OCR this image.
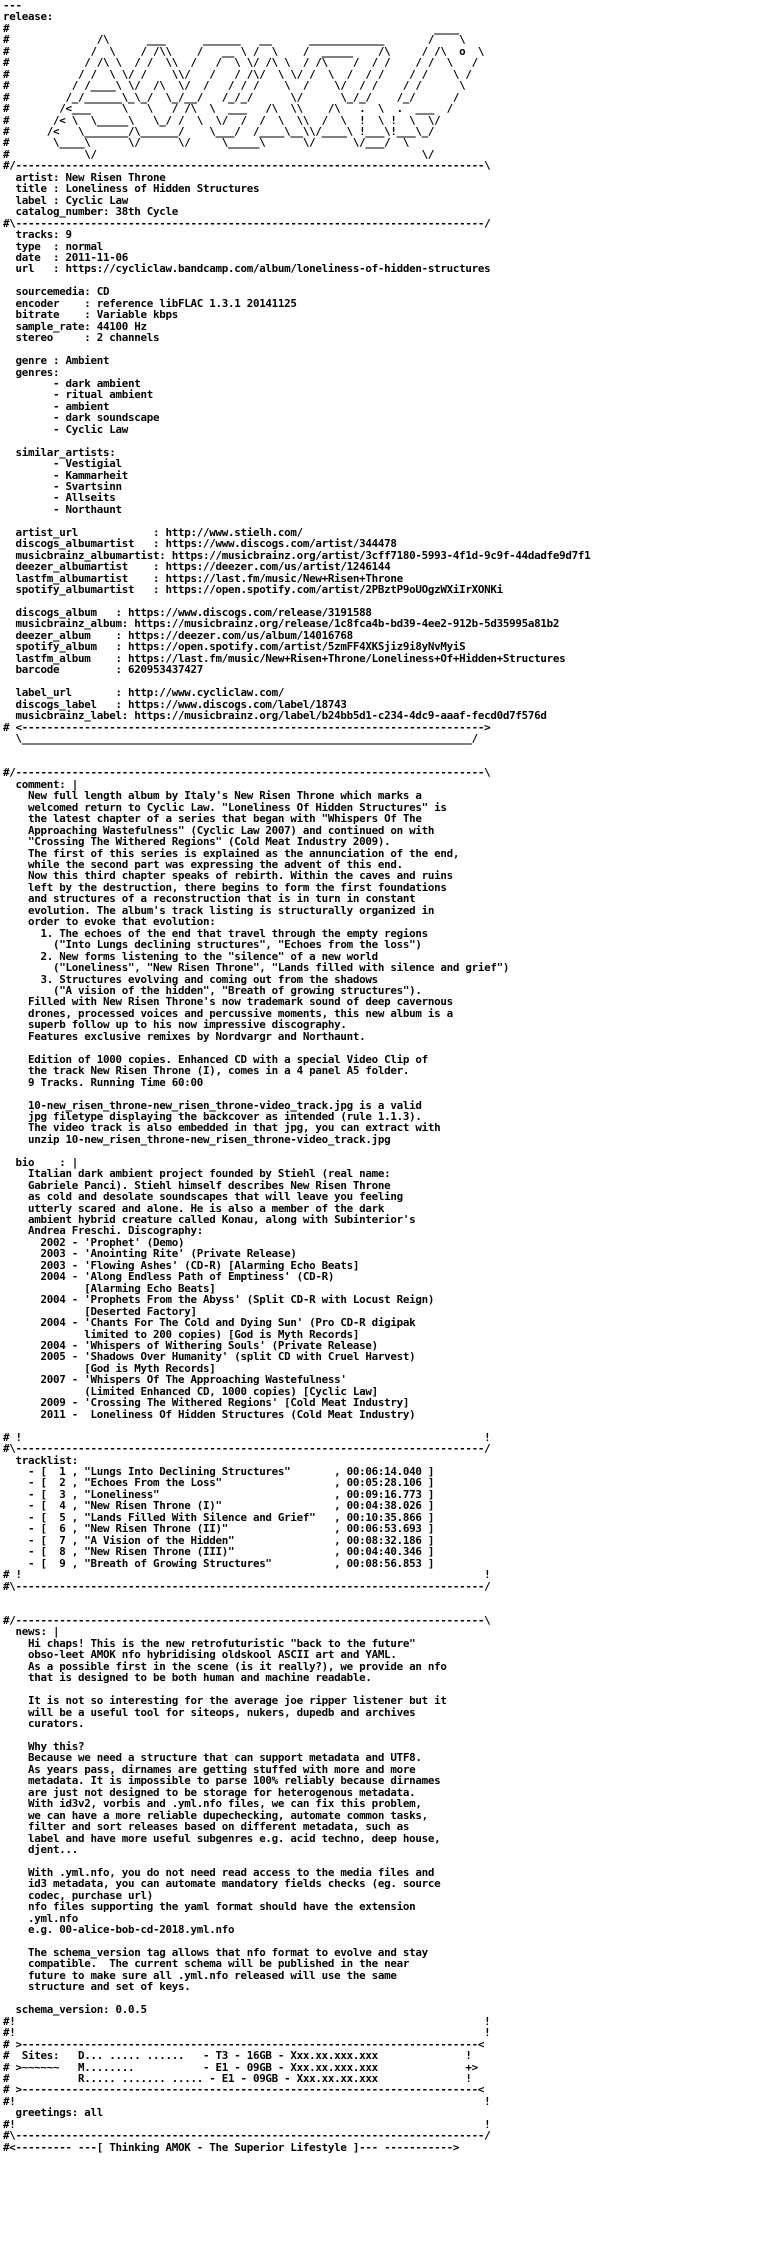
---
release:
#                                                                    ____
#              /\      ___      ______   __      ____________       /    \
#             /  \    / /\\    /   __ \ /  \    /  _____    /\     / /\  o  \
#            / /\ \  / /  \\  /   /  \ \/ /\ \  / /\    /  / /    / /  \   /
#           / /  \ \/ /    \\/   /   / /\/  \ \/ /  \  /  / /    / /    \ /
#          / /____\ \/  /\  \/  /   / / /    \  /    \/  / /    / /      \
#         /_/______\_\_/  \_/__/   /_/_/      \/      \_/_/    /_/      /
#        /<___     \   \   / /\  \  ___   /\  \\    /\   .  \  .  ___  /
#       /< \  \_____\   \_/ /  \  \/  /  /  \  \\  /  \  !  \ !  \  \/
#      /<   \_______/\______/    \___/  /____\__\\/____\ !___\!___\_/
#       \____\      \/      \/     \_____\      \/      \/___/  \
#            \/                                                    \/
#/---------------------------------------------------------------------------\
artist: New Risen Throne
title : Loneliness of Hidden Structures
label : Cyclic Law
catalog_number: 38th Cycle
#\---------------------------------------------------------------------------/
tracks: 9
type  : normal
date  : 2011-11-06
url   : https://cycliclaw.bandcamp.com/album/loneliness-of-hidden-structures

sourcemedia: CD
encoder    : reference libFLAC 1.3.1 20141125
bitrate    : Variable kbps
sample_rate: 44100 Hz
stereo     : 2 channels

genre : Ambient
genres:
- dark ambient
- ritual ambient
- ambient
- dark soundscape
- Cyclic Law

similar_artists:
- Vestigial
- Kammarheit
- Svartsinn
- Allseits
- Northaunt

artist_url            : http://www.stielh.com/
discogs_albumartist   : https://www.discogs.com/artist/344478
musicbrainz_albumartist: https://musicbrainz.org/artist/3cff7180-5993-4f1d-9c9f-44dadfe9d7f1
deezer_albumartist    : https://deezer.com/us/artist/1246144
lastfm_albumartist    : https://last.fm/music/New+Risen+Throne
spotify_albumartist   : https://open.spotify.com/artist/2PBztP9oUOgzWXiIrXONKi

discogs_album   : https://www.discogs.com/release/3191588
musicbrainz_album: https://musicbrainz.org/release/1c8fca4b-bd39-4ee2-912b-5d35995a81b2
deezer_album    : https://deezer.com/us/album/14016768
spotify_album   : https://open.spotify.com/artist/5zmFF4XKSjiz9i8yNvMyiS
lastfm_album    : https://last.fm/music/New+Risen+Throne/Loneliness+Of+Hidden+Structures
barcode         : 620953437427

label_url       : http://www.cycliclaw.com/
discogs_label   : https://www.discogs.com/label/18743
musicbrainz_label: https://musicbrainz.org/label/b24bb5d1-c234-4dc9-aaaf-fecd0d7f576d
# <-------------------------------------------------------------------------->
\________________________________________________________________________/

#/---------------------------------------------------------------------------\
comment: |
New full length album by Italy's New Risen Throne which marks a
welcomed return to Cyclic Law. "Loneliness Of Hidden Structures" is
the latest chapter of a series that began with "Whispers Of The
Approaching Wastefulness" (Cyclic Law 2007) and continued on with
"Crossing The Withered Regions" (Cold Meat Industry 2009).
The first of this series is explained as the annunciation of the end,
while the second part was expressing the advent of this end.
Now this third chapter speaks of rebirth. Within the caves and ruins
left by the destruction, there begins to form the first foundations
and structures of a reconstruction that is in turn in constant
evolution. The album's track listing is structurally organized in
order to evoke that evolution:
1. The echoes of the end that travel through the empty regions
("Into Lungs declining structures", "Echoes from the loss")
2. New forms listening to the "silence" of a new world
("Loneliness", "New Risen Throne", "Lands filled with silence and grief")
3. Structures evolving and coming out from the shadows
("A vision of the hidden", "Breath of growing structures").
Filled with New Risen Throne's now trademark sound of deep cavernous
drones, processed voices and percussive moments, this new album is a
superb follow up to his now impressive discography.
Features exclusive remixes by Nordvargr and Northaunt.

Edition of 1000 copies. Enhanced CD with a special Video Clip of
the track New Risen Throne (I), comes in a 4 panel A5 folder.
9 Tracks. Running Time 60:00

10-new_risen_throne-new_risen_throne-video_track.jpg is a valid
jpg filetype displaying the backcover as intended (rule 1.1.3).
The video track is also embedded in that jpg, you can extract with
unzip 10-new_risen_throne-new_risen_throne-video_track.jpg

bio    : |
Italian dark ambient project founded by Stiehl (real name:
Gabriele Panci). Stiehl himself describes New Risen Throne
as cold and desolate soundscapes that will leave you feeling
utterly scared and alone. He is also a member of the dark
ambient hybrid creature called Konau, along with Subinterior's
Andrea Freschi. Discography:
2002 - 'Prophet' (Demo)
2003 - 'Anointing Rite' (Private Release)
2003 - 'Flowing Ashes' (CD-R) [Alarming Echo Beats]
2004 - 'Along Endless Path of Emptiness' (CD-R)
[Alarming Echo Beats]
2004 - 'Prophets From the Abyss' (Split CD-R with Locust Reign)
[Deserted Factory]
2004 - 'Chants For The Cold and Dying Sun' (Pro CD-R digipak
limited to 200 copies) [God is Myth Records]
2004 - 'Whispers of Withering Souls' (Private Release)
2005 - 'Shadows Over Humanity' (split CD with Cruel Harvest)
[God is Myth Records]
2007 - 'Whispers Of The Approaching Wastefulness'
(Limited Enhanced CD, 1000 copies) [Cyclic Law]
2009 - 'Crossing The Withered Regions' [Cold Meat Industry]
2011 -  Loneliness Of Hidden Structures (Cold Meat Industry)

# !                                                                          !
#\---------------------------------------------------------------------------/
tracklist:
- [  1 , "Lungs Into Declining Structures"       , 00:06:14.040 ]
- [  2 , "Echoes From the Loss"                  , 00:05:28.106 ]
- [  3 , "Loneliness"                            , 00:09:16.773 ]
- [  4 , "New Risen Throne (I)"                  , 00:04:38.026 ]
- [  5 , "Lands Filled With Silence and Grief"   , 00:10:35.866 ]
- [  6 , "New Risen Throne (II)"                 , 00:06:53.693 ]
- [  7 , "A Vision of the Hidden"                , 00:08:32.186 ]
- [  8 , "New Risen Throne (III)"                , 00:04:40.346 ]
- [  9 , "Breath of Growing Structures"          , 00:08:56.853 ]
# !                                                                          !
#\---------------------------------------------------------------------------/

#/---------------------------------------------------------------------------\
news: |
Hi chaps! This is the new retrofuturistic "back to the future"
obso-leet AMOK nfo hybridising oldskool ASCII art and YAML.
As a possible first in the scene (is it really?), we provide an nfo
that is designed to be both human and machine readable.

It is not so interesting for the average joe ripper listener but it
will be a useful tool for siteops, nukers, dupedb and archives
curators.

Why this?
Because we need a structure that can support metadata and UTF8.
As years pass, dirnames are getting stuffed with more and more
metadata. It is impossible to parse 100% reliably because dirnames
are just not designed to be storage for heterogenous metadata.
With id3v2, vorbis and .yml.nfo files, we can fix this problem,
we can have a more reliable dupechecking, automate common tasks,
filter and sort releases based on different metadata, such as
label and have more useful subgenres e.g. acid techno, deep house,
djent...

With .yml.nfo, you do not need read access to the media files and
id3 metadata, you can automate mandatory fields checks (eg. source
codec, purchase url)
nfo files supporting the yaml format should have the extension
.yml.nfo
e.g. 00-alice-bob-cd-2018.yml.nfo

The schema_version tag allows that nfo format to evolve and stay
compatible.  The current schema will be published in the near
future to make sure all .yml.nfo released will use the same
structure and set of keys.

schema_version: 0.0.5
#!                                                                           !
#!                                                                           !
# >-------------------------------------------------------------------------<
#  Sites:   D... ..... ......   - T3 - 16GB - Xxx.xx.xxx.xxx              !
# >~~~~~~   M........           - E1 - 09GB - Xxx.xx.xxx.xxx              +>
#           R..... ....... ..... - E1 - 09GB - Xxx.xx.xx.xxx              !
# >-------------------------------------------------------------------------<
#!                                                                           !
greetings: all
#!                                                                           !
#\---------------------------------------------------------------------------/
#<--------- ---[ Thinking AMOK - The Superior Lifestyle ]--- ----------->
